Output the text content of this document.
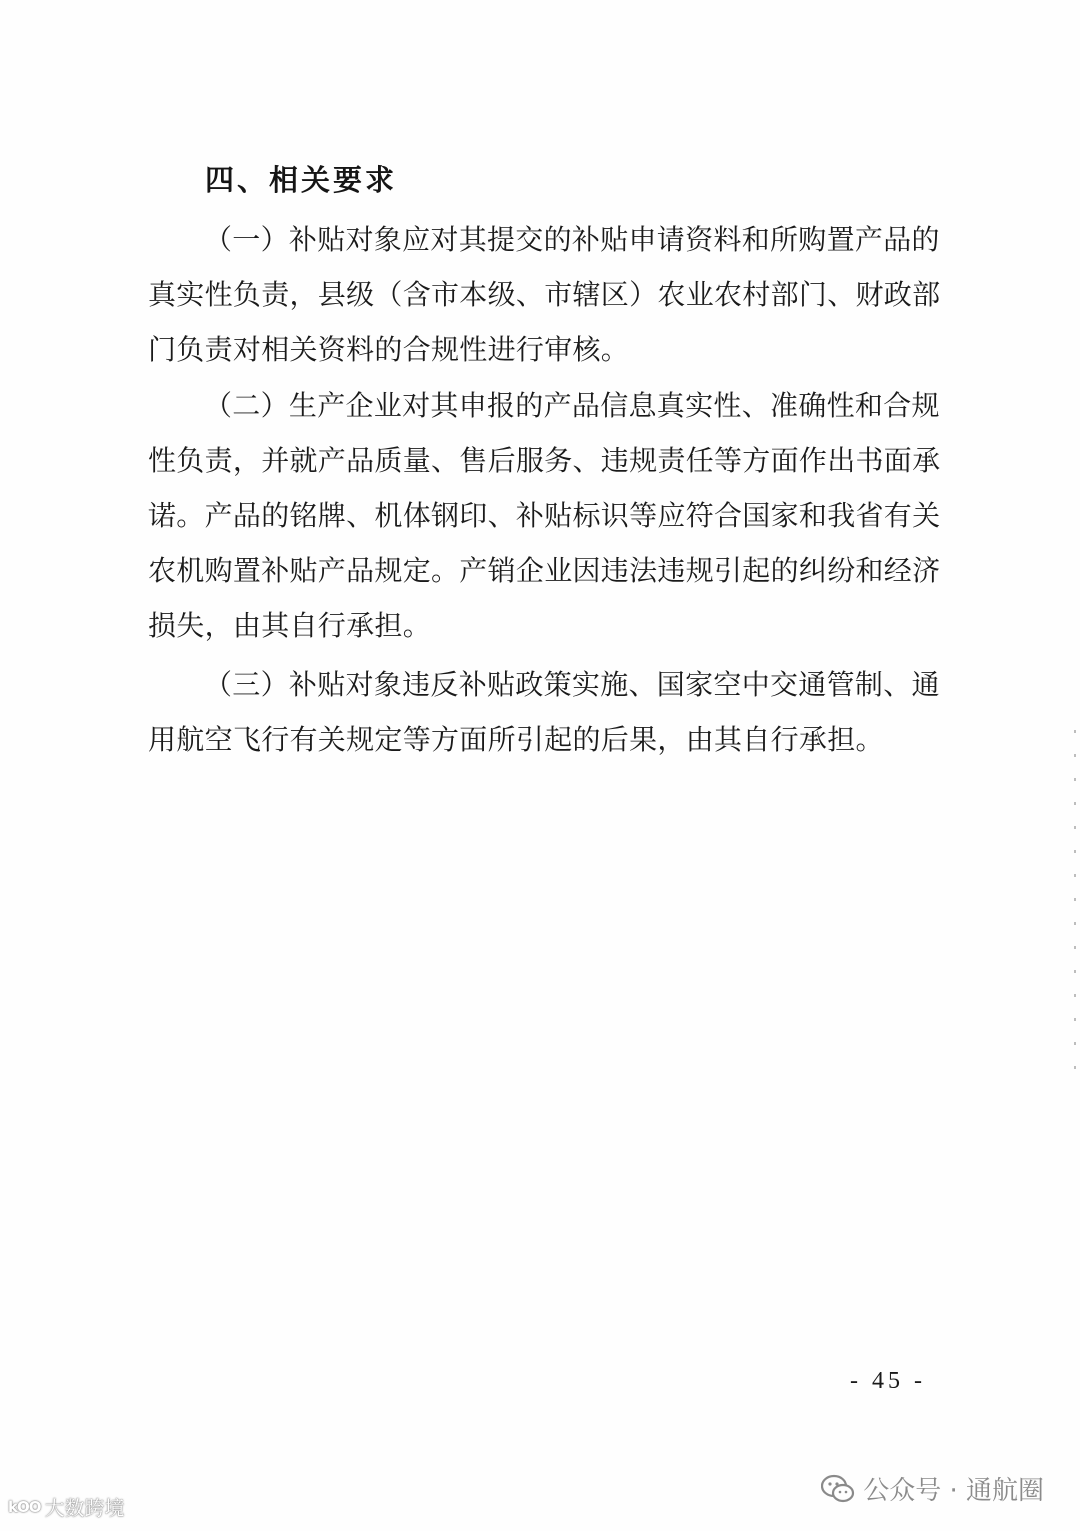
四、相关要求

（一）补贴对象应对其提交的补贴申请资料和所购置产品的
真实性负责，县级（含市本级、市辖区）农业农村部门、财政部
门负责对相关资料的合规性进行审核。

（二）生产企业对其申报的产品信息真实性、准确性和合规
性负责，并就产品质量、售后服务、违规责任等方面作出书面承
诺。产品的铭牌、机体钢印、补贴标识等应符合国家和我省有关
农机购置补贴产品规定。产销企业因违法违规引起的纠纷和经济
损失，由其自行承担。

（三）补贴对象违反补贴政策实施、国家空中交通管制、通
用航空飞行有关规定等方面所引起的后果，由其自行承担。

- 45 -
kOO 大数跨境
公众号 · 通航圈
